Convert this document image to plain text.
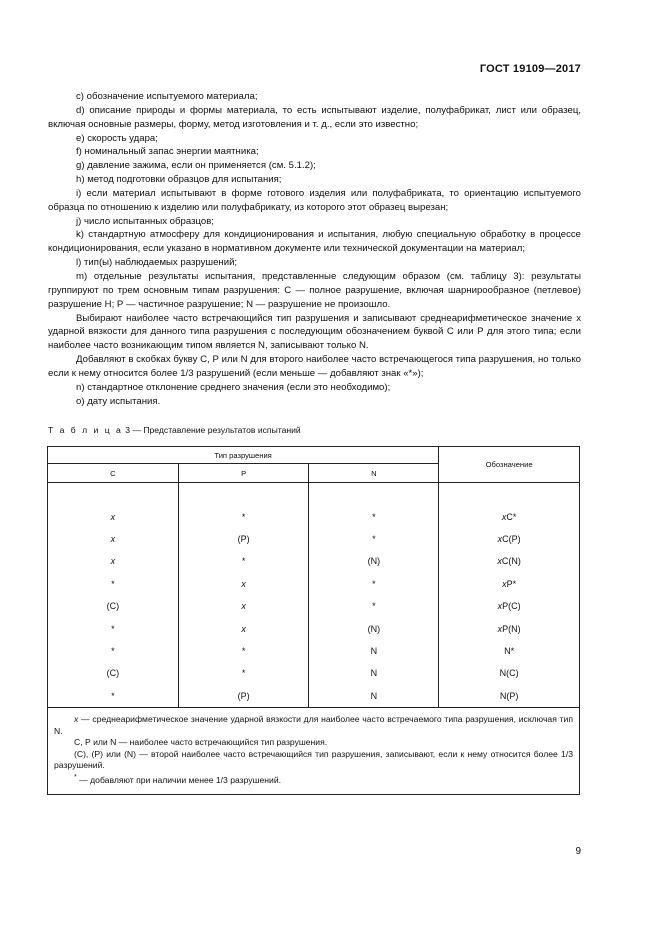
ГОСТ 19109—2017

c) обозначение испытуемого материала;

d) описание природы и формы материала, то есть испытывают изделие, полуфабрикат, лист или образец, включая основные размеры, форму, метод изготовления и т. д., если это известно;

e) скорость удара;

f) номинальный запас энергии маятника;

g) давление зажима, если он применяется (см. 5.1.2);

h) метод подготовки образцов для испытания;

i) если материал испытывают в форме готового изделия или полуфабриката, то ориентацию испытуемого образца по отношению к изделию или полуфабрикату, из которого этот образец вырезан;

j) число испытанных образцов;

k) стандартную атмосферу для кондиционирования и испытания, любую специальную обработку в процессе кондиционирования, если указано в нормативном документе или технической документации на материал;

l) тип(ы) наблюдаемых разрушений;

m) отдельные результаты испытания, представленные следующим образом (см. таблицу 3): результаты группируют по трем основным типам разрушения: С — полное разрушение, включая шарнирообразное (петлевое) разрушение Н; Р — частичное разрушение; N — разрушение не произошло.

Выбирают наиболее часто встречающийся тип разрушения и записывают среднеарифметическое значение x ударной вязкости для данного типа разрушения с последующим обозначением буквой С или Р для этого типа; если наиболее часто возникающим типом является N, записывают только N.

Добавляют в скобках букву С, Р или N для второго наиболее часто встречающегося типа разрушения, но только если к нему относится более 1/3 разрушений (если меньше — добавляют знак «*»);

n) стандартное отклонение среднего значения (если это необходимо);

о) дату испытания.

Т а б л и ц а 3 — Представление результатов испытаний
Тип разрушения			Обозначение
С	Р	N	

x	*	*	xC*
x	(P)	*	xC(P)
x	*	(N)	xC(N)
*	x	*	xP*
(C)	x	*	xP(C)
*	x	(N)	xP(N)
*	*	N	N*
(C)	*	N	N(C)
*	(P)	N	N(P)

x — среднеарифметическое значение ударной вязкости для наиболее часто встречаемого типа разрушения, исключая тип N.

С, Р или N — наиболее часто встречающийся тип разрушения.

(С), (Р) или (N) — второй наиболее часто встречающийся тип разрушения, записывают, если к нему относится более 1/3 разрушений.

* — добавляют при наличии менее 1/3 разрушений.			

9
